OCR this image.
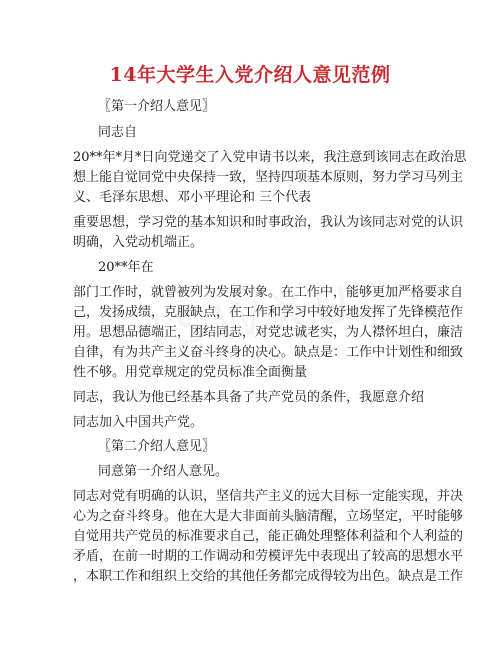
14年大学生入党介绍人意见范例
〖第一介绍人意见〗
同志自
20**年*月*日向党递交了入党申请书以来，我注意到该同志在政治思
想上能自觉同党中央保持一致，坚持四项基本原则，努力学习马列主
义、毛泽东思想、邓小平理论和 三个代表
重要思想，学习党的基本知识和时事政治，我认为该同志对党的认识
明确，入党动机端正。
20**年在
部门工作时，就曾被列为发展对象。在工作中，能够更加严格要求自
己，发扬成绩，克服缺点，在工作和学习中较好地发挥了先锋模范作
用。思想品德端正，团结同志，对党忠诚老实，为人襟怀坦白，廉洁
自律，有为共产主义奋斗终身的决心。缺点是：工作中计划性和细致
性不够。用党章规定的党员标准全面衡量
同志，我认为他已经基本具备了共产党员的条件，我愿意介绍
同志加入中国共产党。
〖第二介绍人意见〗
同意第一介绍人意见。
同志对党有明确的认识，坚信共产主义的远大目标一定能实现，并决
心为之奋斗终身。他在大是大非面前头脑清醒，立场坚定，平时能够
自觉用共产党员的标准要求自己，能正确处理整体利益和个人利益的
矛盾，在前一时期的工作调动和劳模评先中表现出了较高的思想水平
，本职工作和组织上交给的其他任务都完成得较为出色。缺点是工作
